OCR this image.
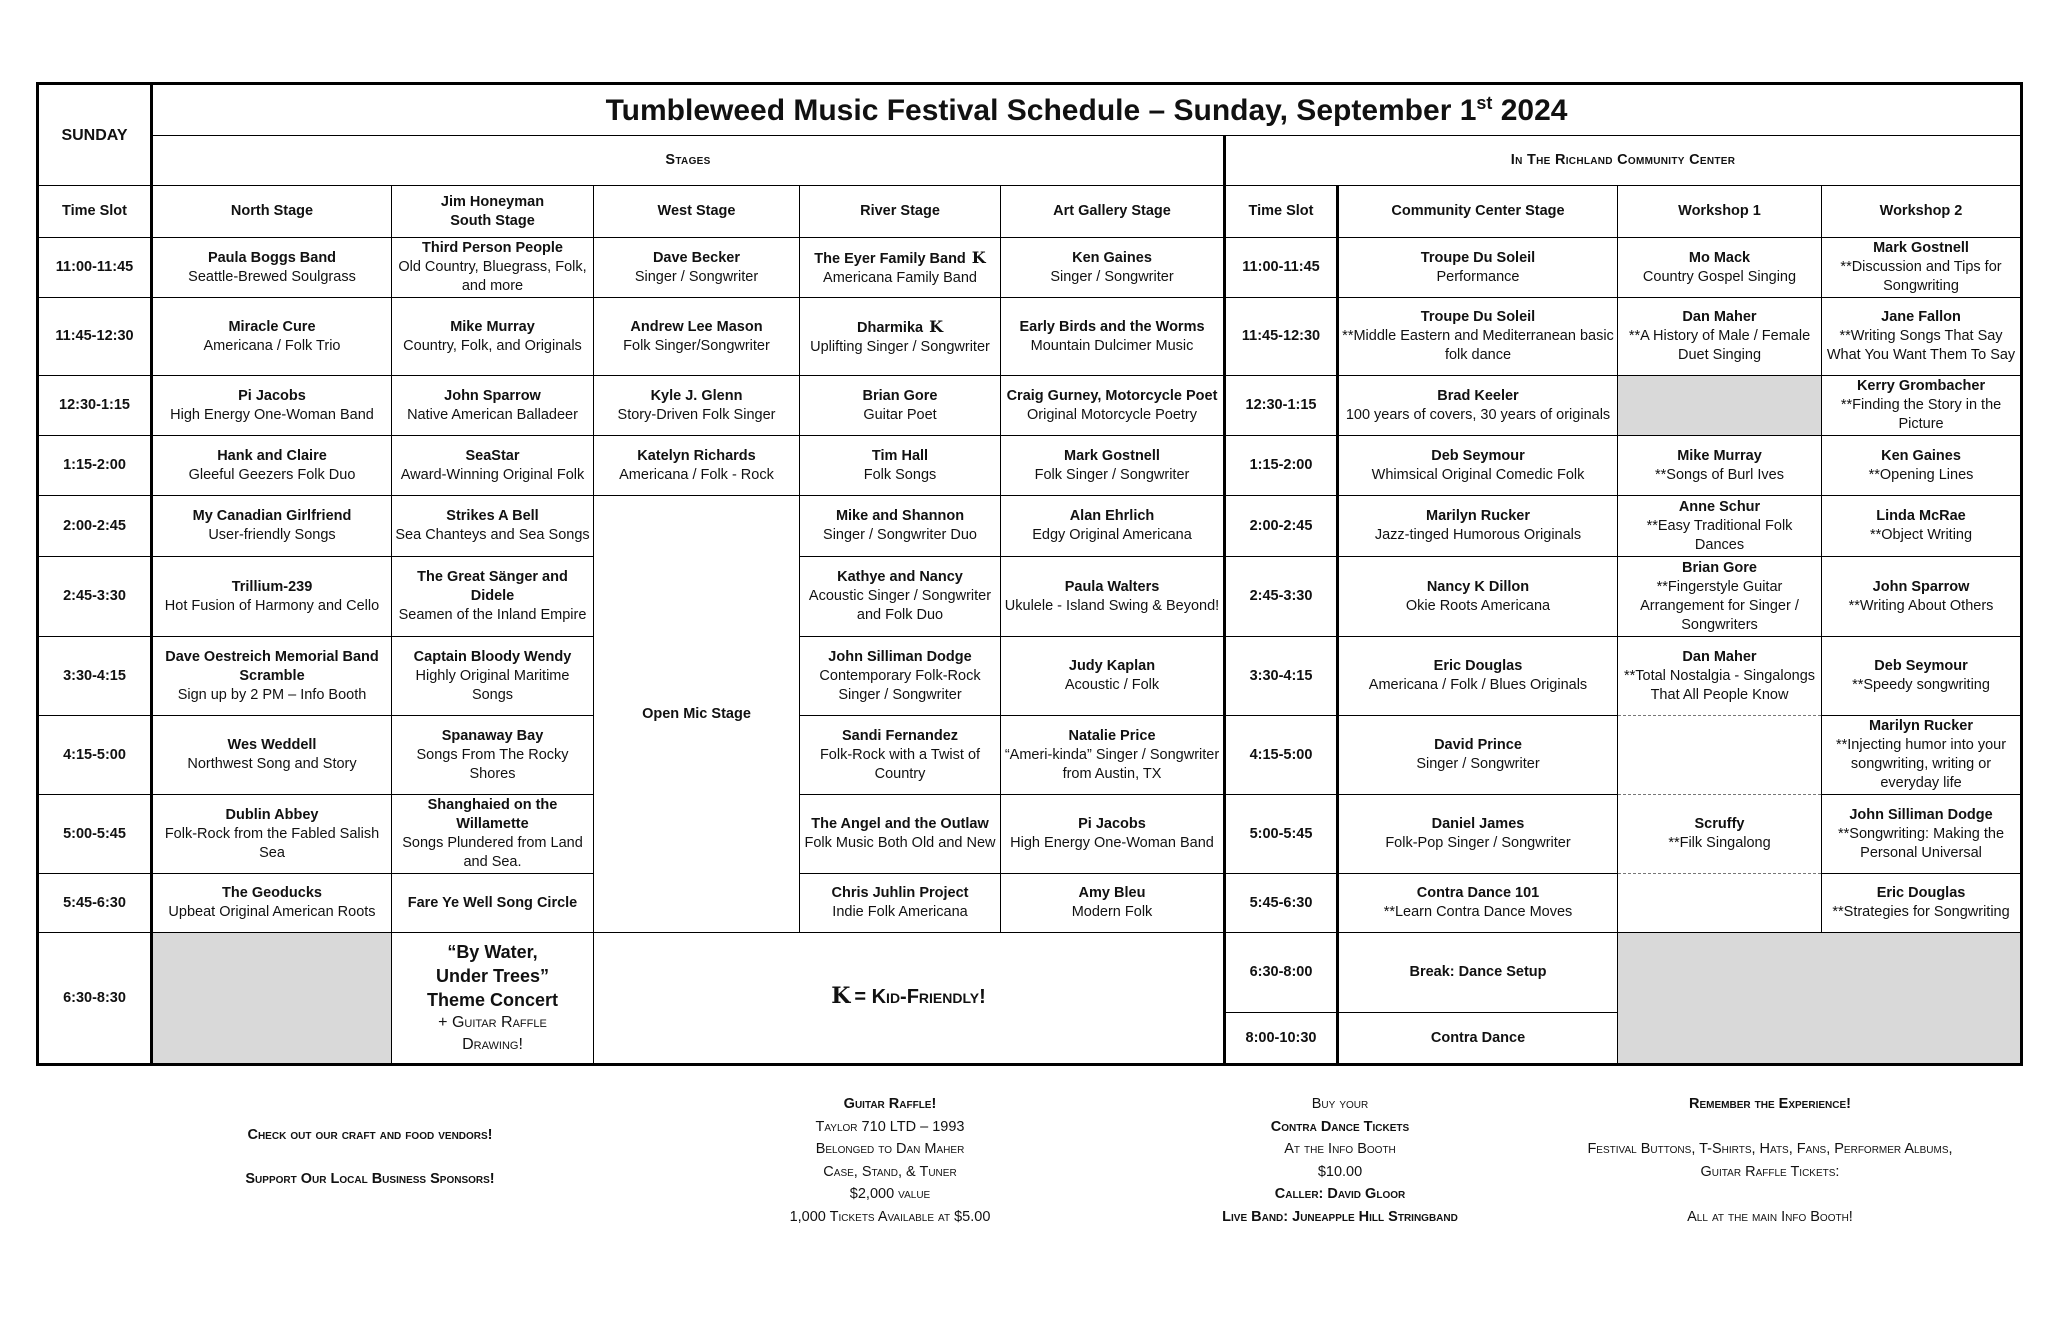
SUNDAY	Tumbleweed Music Festival Schedule – Sunday, September 1st 2024								
	Stages					In The Richland Community Center			
Time Slot	North Stage	Jim Honeyman
South Stage	West Stage	River Stage	Art Gallery Stage	Time Slot	Community Center Stage	Workshop 1	Workshop 2
11:00-11:45	Paula Boggs Band
Seattle-Brewed Soulgrass	Third Person People
Old Country, Bluegrass, Folk, and more	Dave Becker
Singer / Songwriter	The Eyer Family Band K
Americana Family Band	Ken Gaines
Singer / Songwriter	11:00-11:45	Troupe Du Soleil
Performance	Mo Mack
Country Gospel Singing	Mark Gostnell
**Discussion and Tips for Songwriting

11:45-12:30	Miracle Cure
Americana / Folk Trio	Mike Murray
Country, Folk, and Originals	Andrew Lee Mason
Folk Singer/Songwriter	Dharmika K
Uplifting Singer / Songwriter	Early Birds and the Worms
Mountain Dulcimer Music	11:45-12:30	Troupe Du Soleil
**Middle Eastern and Mediterranean basic folk dance	Dan Maher
**A History of Male / Female Duet Singing	Jane Fallon
**Writing Songs That Say What You Want Them To Say

12:30-1:15	Pi Jacobs
High Energy One-Woman Band	John Sparrow
Native American Balladeer	Kyle J. Glenn
Story-Driven Folk Singer	Brian Gore
Guitar Poet	Craig Gurney, Motorcycle Poet
Original Motorcycle Poetry	12:30-1:15	Brad Keeler
100 years of covers, 30 years of originals		Kerry Grombacher
**Finding the Story in the Picture

1:15-2:00	Hank and Claire
Gleeful Geezers Folk Duo	SeaStar
Award-Winning Original Folk	Katelyn Richards
Americana / Folk - Rock	Tim Hall
Folk Songs	Mark Gostnell
Folk Singer / Songwriter	1:15-2:00	Deb Seymour
Whimsical Original Comedic Folk	Mike Murray
**Songs of Burl Ives	Ken Gaines
**Opening Lines

2:00-2:45	My Canadian Girlfriend
User-friendly Songs	Strikes A Bell
Sea Chanteys and Sea Songs	Open Mic Stage	Mike and Shannon
Singer / Songwriter Duo	Alan Ehrlich
Edgy Original Americana	2:00-2:45	Marilyn Rucker
Jazz-tinged Humorous Originals	Anne Schur
**Easy Traditional Folk Dances	Linda McRae
**Object Writing

2:45-3:30	Trillium-239
Hot Fusion of Harmony and Cello	The Great Sänger and Didele
Seamen of the Inland Empire		Kathye and Nancy
Acoustic Singer / Songwriter and Folk Duo	Paula Walters
Ukulele - Island Swing & Beyond!	2:45-3:30	Nancy K Dillon
Okie Roots Americana	Brian Gore
**Fingerstyle Guitar Arrangement for Singer / Songwriters	John Sparrow
**Writing About Others

3:30-4:15	Dave Oestreich Memorial Band Scramble
Sign up by 2 PM – Info Booth	Captain Bloody Wendy
Highly Original Maritime Songs		John Silliman Dodge
Contemporary Folk-Rock Singer / Songwriter	Judy Kaplan
Acoustic / Folk	3:30-4:15	Eric Douglas
Americana / Folk / Blues Originals	Dan Maher
**Total Nostalgia - Singalongs That All People Know	Deb Seymour
**Speedy songwriting

4:15-5:00	Wes Weddell
Northwest Song and Story	Spanaway Bay
Songs From The Rocky Shores		Sandi Fernandez
Folk-Rock with a Twist of Country	Natalie Price
“Ameri-kinda” Singer / Songwriter from Austin, TX	4:15-5:00	David Prince
Singer / Songwriter		Marilyn Rucker
**Injecting humor into your songwriting, writing or everyday life

5:00-5:45	Dublin Abbey
Folk-Rock from the Fabled Salish Sea	Shanghaied on the Willamette
Songs Plundered from Land and Sea.		The Angel and the Outlaw
Folk Music Both Old and New	Pi Jacobs
High Energy One-Woman Band	5:00-5:45	Daniel James
Folk-Pop Singer / Songwriter	Scruffy
**Filk Singalong	John Silliman Dodge
**Songwriting: Making the Personal Universal

5:45-6:30	The Geoducks
Upbeat Original American Roots	Fare Ye Well Song Circle		Chris Juhlin Project
Indie Folk Americana	Amy Bleu
Modern Folk	5:45-6:30	Contra Dance 101
**Learn Contra Dance Moves		Eric Douglas
**Strategies for Songwriting

6:30-8:30		“By Water,
Under Trees”
Theme Concert
+ Guitar Raffle
Drawing!	K = Kid-Friendly!			6:30-8:00	Break: Dance Setup		
						8:00-10:30	Contra Dance		
Check out our craft and food vendors!
Support Our Local Business Sponsors!
Guitar Raffle!
Taylor 710 LTD – 1993
Belonged to Dan Maher
Case, Stand, & Tuner
$2,000 value
1,000 Tickets Available at $5.00
Buy your
Contra Dance Tickets
At the Info Booth
$10.00
Caller: David Gloor
Live Band: Juneapple Hill Stringband
Remember the Experience!
Festival Buttons, T-Shirts, Hats, Fans, Performer Albums,
Guitar Raffle Tickets:
All at the main Info Booth!
